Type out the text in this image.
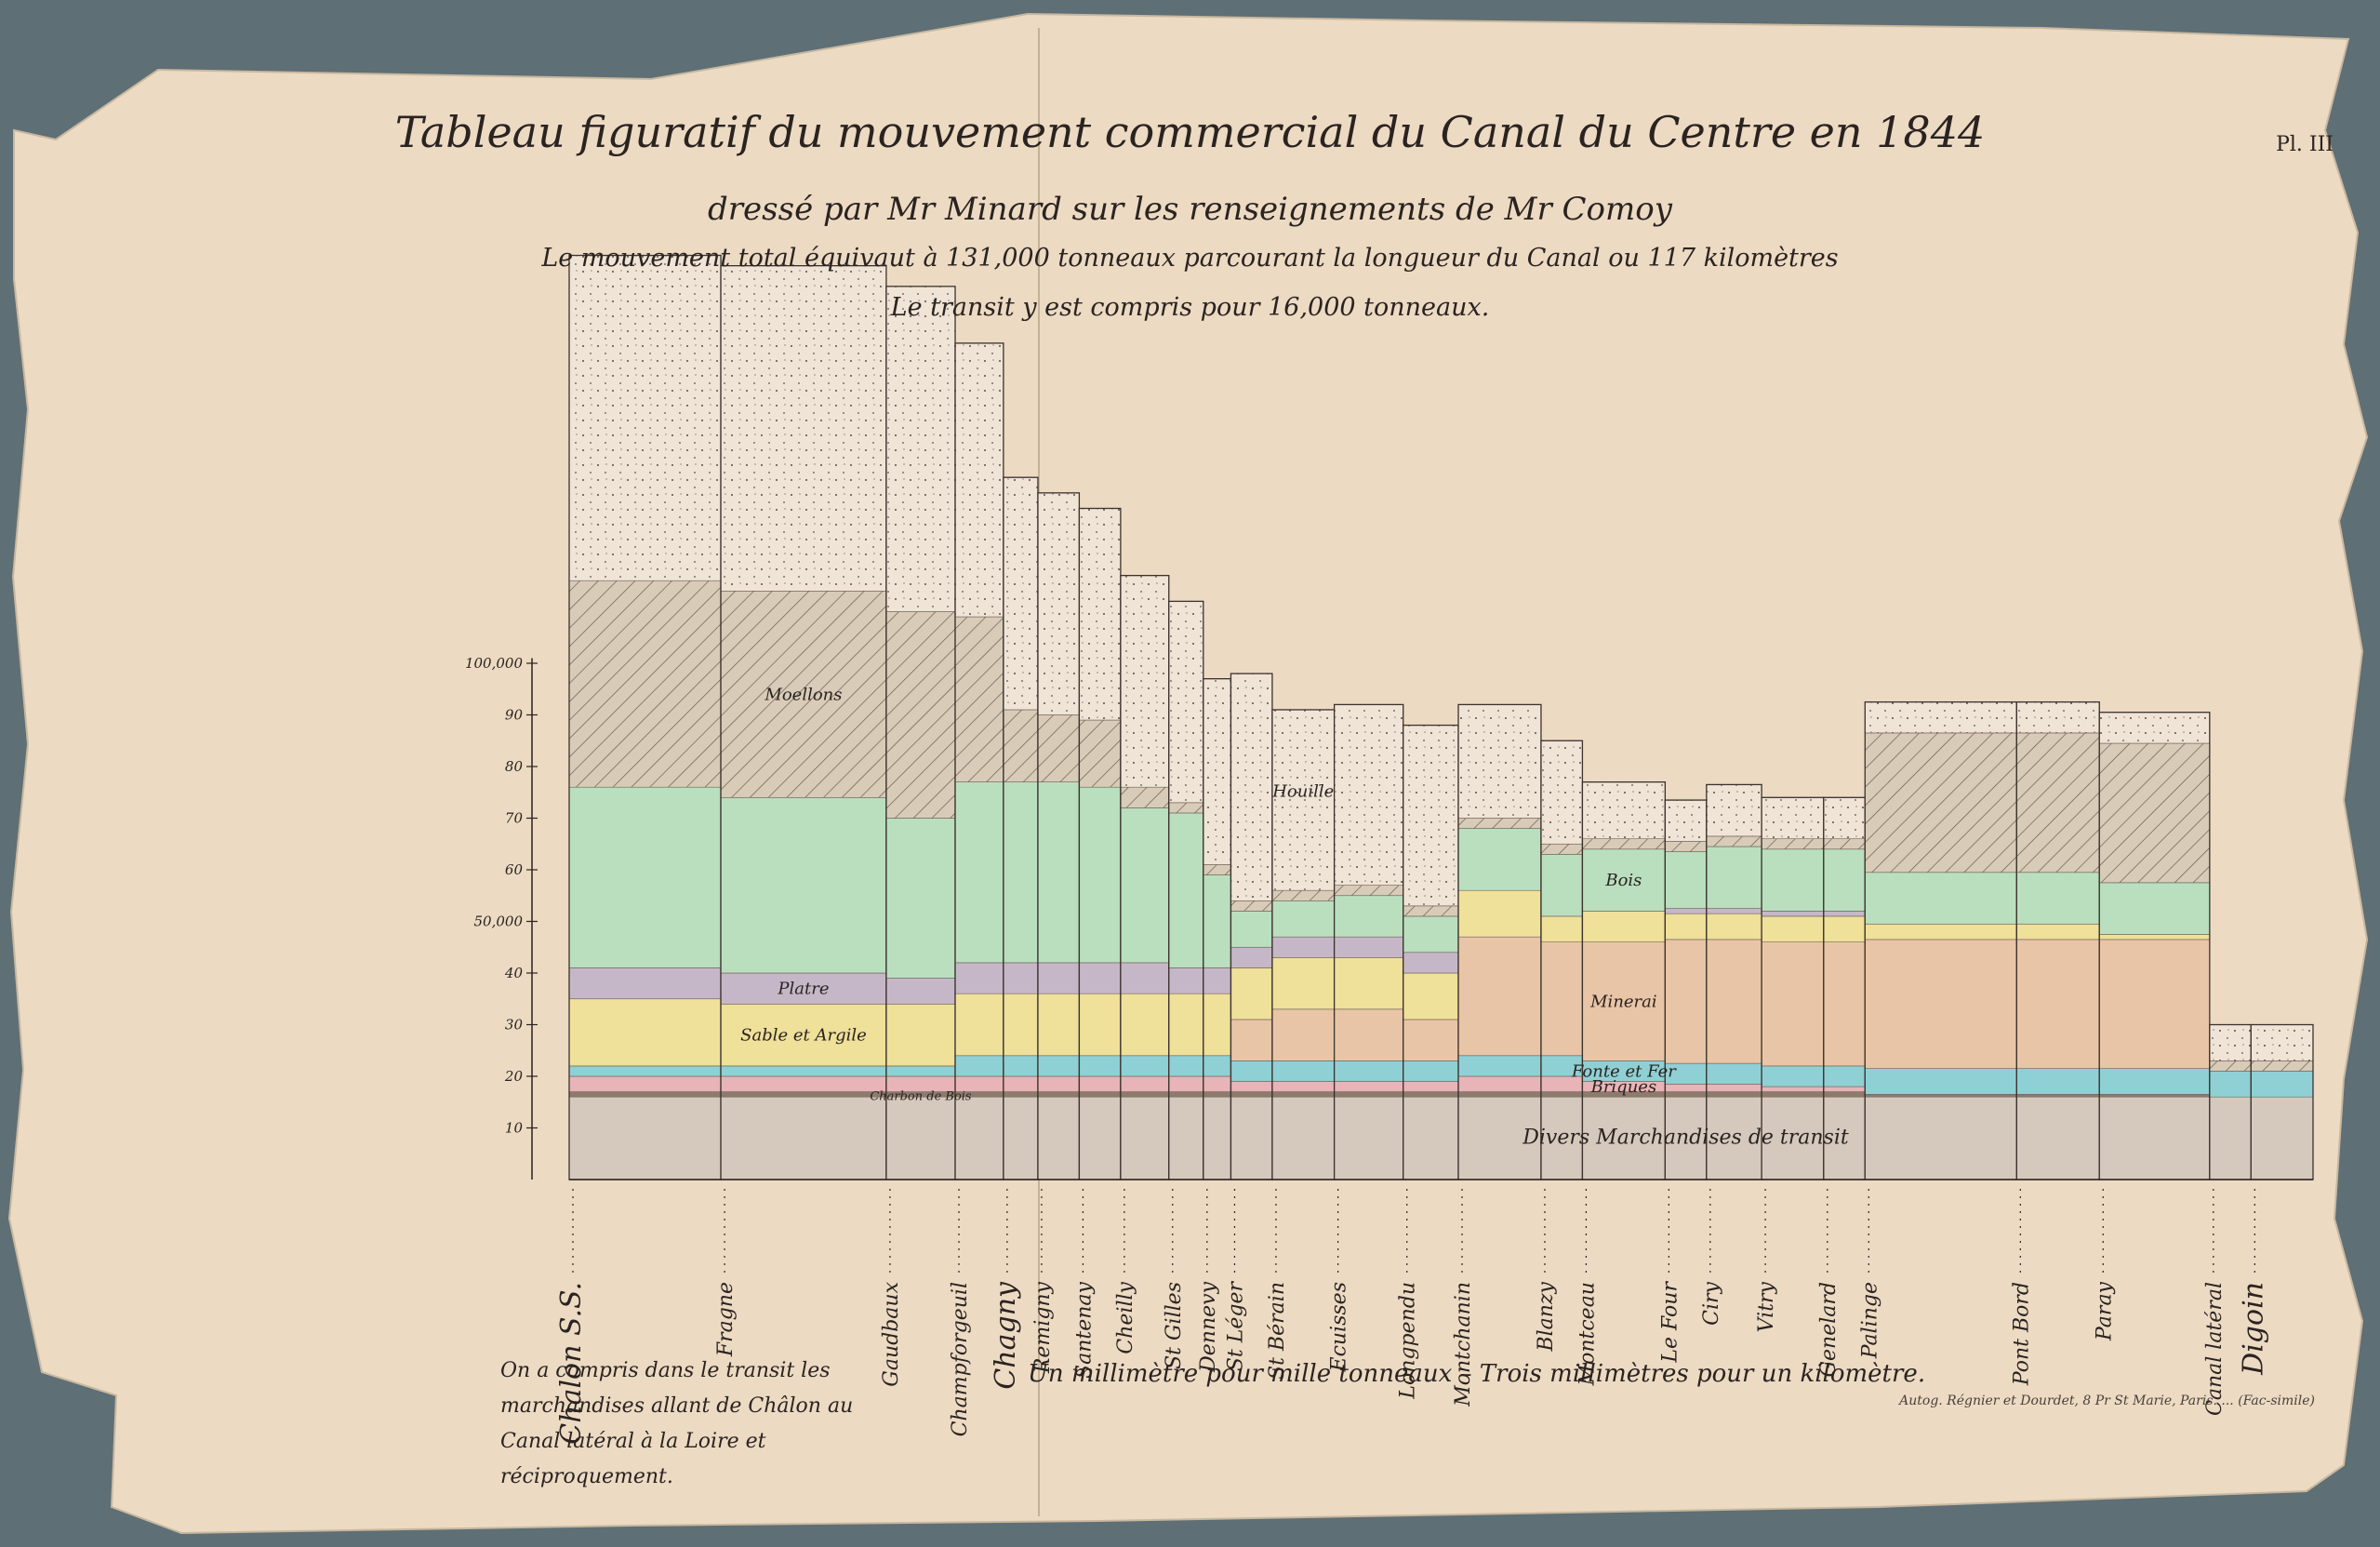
10
20
30
40
50,000
60
70
80
90
100,000
Chalon S.S.	Fragne	Gaudbaux Champforgeuil Chagny Remigny Santenay Cheilly St Gilles Dennevy St Léger St Bérain Ecuisses Longpendu Montchanin	Blanzy Montceau	Le Four Ciry Vitry Genelard Palinge	Pont Bord	Paray	Canal latéral Digoin
Divers Marchandises de transit
Charbon de Bois	Briques
Fonte et Fer
Minerai
Sable et Argile
Platre
Bois
Moellons
Houille
Tableau figuratif du mouvement commercial du Canal du Centre en 1844
dressé par Mr Minard sur les renseignements de Mr Comoy
Le mouvement total équivaut à 131,000 tonneaux parcourant la longueur du Canal ou 117 kilomètres
Le transit y est compris pour 16,000 tonneaux.
Pl. III
On a compris dans le transit les marchandises allant de Châlon au Canal latéral à la Loire et réciproquement.
Un millimètre pour mille tonneaux – Trois millimètres pour un kilomètre.
Autog. Régnier et Dourdet, 8 Pr St Marie, Paris. ... (Fac-simile)
